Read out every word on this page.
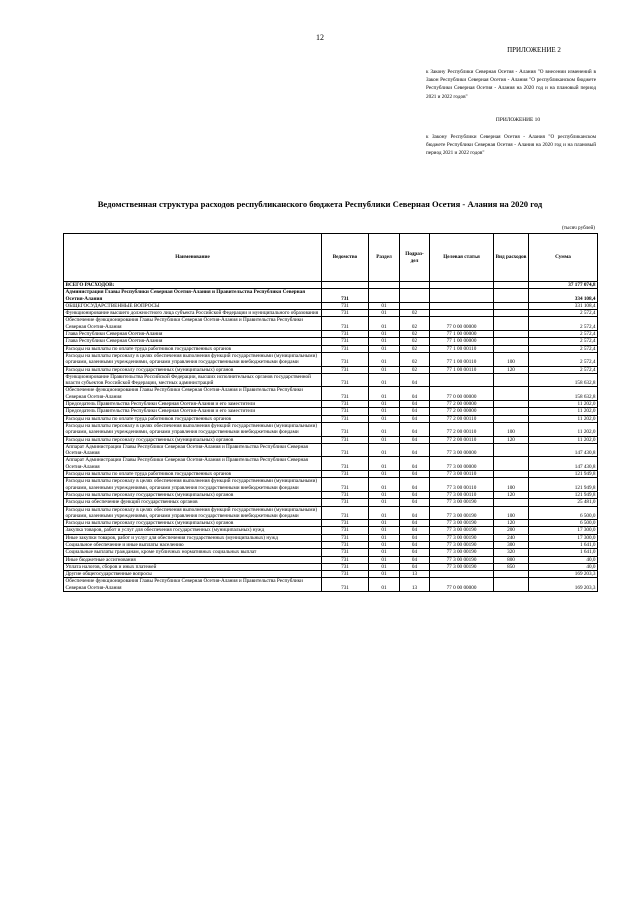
12
ПРИЛОЖЕНИЕ 2
к Закону Республики Северная Осетия - Алания "О внесении изменений в Закон Республики Северная Осетия - Алания "О республиканском бюджете Республики Северная Осетия - Алания на 2020 год и на плановый период 2021 и 2022 годов"
ПРИЛОЖЕНИЕ 10
к Закону Республики Северная Осетия - Алания "О республиканском бюджете Республики Северная Осетия - Алания на 2020 год и на плановый период 2021 и 2022 годов"
Ведомственная структура расходов республиканского бюджета Республики Северная Осетия - Алания на 2020 год
(тысяч рублей)
Наименование	Ведомство	Раздел	Подраз-дел	Целевая статья	Вид расходов	Сумма
ВСЕГО РАСХОДОВ:						37 177 074,8
Администрация Главы Республики Северная Осетия-Алания и Правительства Республики Северная Осетия-Алания	731					334 108,4
ОБЩЕГОСУДАРСТВЕННЫЕ ВОПРОСЫ	731	01				331 108,4
Функционирование высшего должностного лица субъекта Российской Федерации и муниципального образования	731	01	02			2 572,4
Обеспечение функционирования Главы Республики Северная Осетия-Алания и Правительства Республики Северная Осетия-Алания	731	01	02	77 0 00 00000		2 572,4
Глава Республики Северная Осетия-Алания	731	01	02	77 1 00 00000		2 572,4
Глава Республики Северная Осетия-Алания	731	01	02	77 1 00 00000		2 572,4
Расходы на выплаты по оплате труда работников государственных органов	731	01	02	77 1 00 00110		2 572,4
Расходы на выплаты персоналу в целях обеспечения выполнения функций государственными (муниципальными) органами, казенными учреждениями, органами управления государственными внебюджетными фондами	731	01	02	77 1 00 00110	100	2 572,4
Расходы на выплаты персоналу государственных (муниципальных) органов	731	01	02	77 1 00 00110	120	2 572,4
Функционирование Правительства Российской Федерации, высших исполнительных органов государственной власти субъектов Российской Федерации, местных администраций	731	01	04			158 632,8
Обеспечение функционирования Главы Республики Северная Осетия-Алания и Правительства Республики Северная Осетия-Алания	731	01	04	77 0 00 00000		158 632,8
Председатель Правительства Республики Северная Осетия-Алания и его заместители	731	01	04	77 2 00 00000		11 202,0
Председатель Правительства Республики Северная Осетия-Алания и его заместители	731	01	04	77 2 00 00000		11 202,0
Расходы на выплаты по оплате труда работников государственных органов	731	01	04	77 2 00 00110		11 202,0
Расходы на выплаты персоналу в целях обеспечения выполнения функций государственными (муниципальными) органами, казенными учреждениями, органами управления государственными внебюджетными фондами	731	01	04	77 2 00 00110	100	11 202,0
Расходы на выплаты персоналу государственных (муниципальных) органов	731	01	04	77 2 00 00110	120	11 202,0
Аппарат Администрации Главы Республики Северная Осетия-Алания и Правительства Республики Северная Осетия-Алания	731	01	04	77 3 00 00000		147 430,8
Аппарат Администрации Главы Республики Северная Осетия-Алания и Правительства Республики Северная Осетия-Алания	731	01	04	77 3 00 00000		147 430,8
Расходы на выплаты по оплате труда работников государственных органов	731	01	04	77 3 00 00110		121 949,8
Расходы на выплаты персоналу в целях обеспечения выполнения функций государственными (муниципальными) органами, казенными учреждениями, органами управления государственными внебюджетными фондами	731	01	04	77 3 00 00110	100	121 949,8
Расходы на выплаты персоналу государственных (муниципальных) органов	731	01	04	77 3 00 00110	120	121 949,8
Расходы на обеспечение функций государственных органов	731	01	04	77 3 00 00190		25 481,0
Расходы на выплаты персоналу в целях обеспечения выполнения функций государственными (муниципальными) органами, казенными учреждениями, органами управления государственными внебюджетными фондами	731	01	04	77 3 00 00190	100	6 500,0
Расходы на выплаты персоналу государственных (муниципальных) органов	731	01	04	77 3 00 00190	120	6 500,0
Закупка товаров, работ и услуг для обеспечения государственных (муниципальных) нужд	731	01	04	77 3 00 00190	200	17 300,0
Иные закупки товаров, работ и услуг для обеспечения государственных (муниципальных) нужд	731	01	04	77 3 00 00190	240	17 300,0
Социальное обеспечение и иные выплаты населению	731	01	04	77 3 00 00190	300	1 641,0
Социальные выплаты гражданам, кроме публичных нормативных социальных выплат	731	01	04	77 3 00 00190	320	1 641,0
Иные бюджетные ассигнования	731	01	04	77 3 00 00190	800	40,0
Уплата налогов, сборов и иных платежей	731	01	04	77 3 00 00190	850	40,0
Другие общегосударственные вопросы	731	01	13			169 203,3
Обеспечение функционирования Главы Республики Северная Осетия-Алания и Правительства Республики Северная Осетия-Алания	731	01	13	77 0 00 00000		169 203,3
